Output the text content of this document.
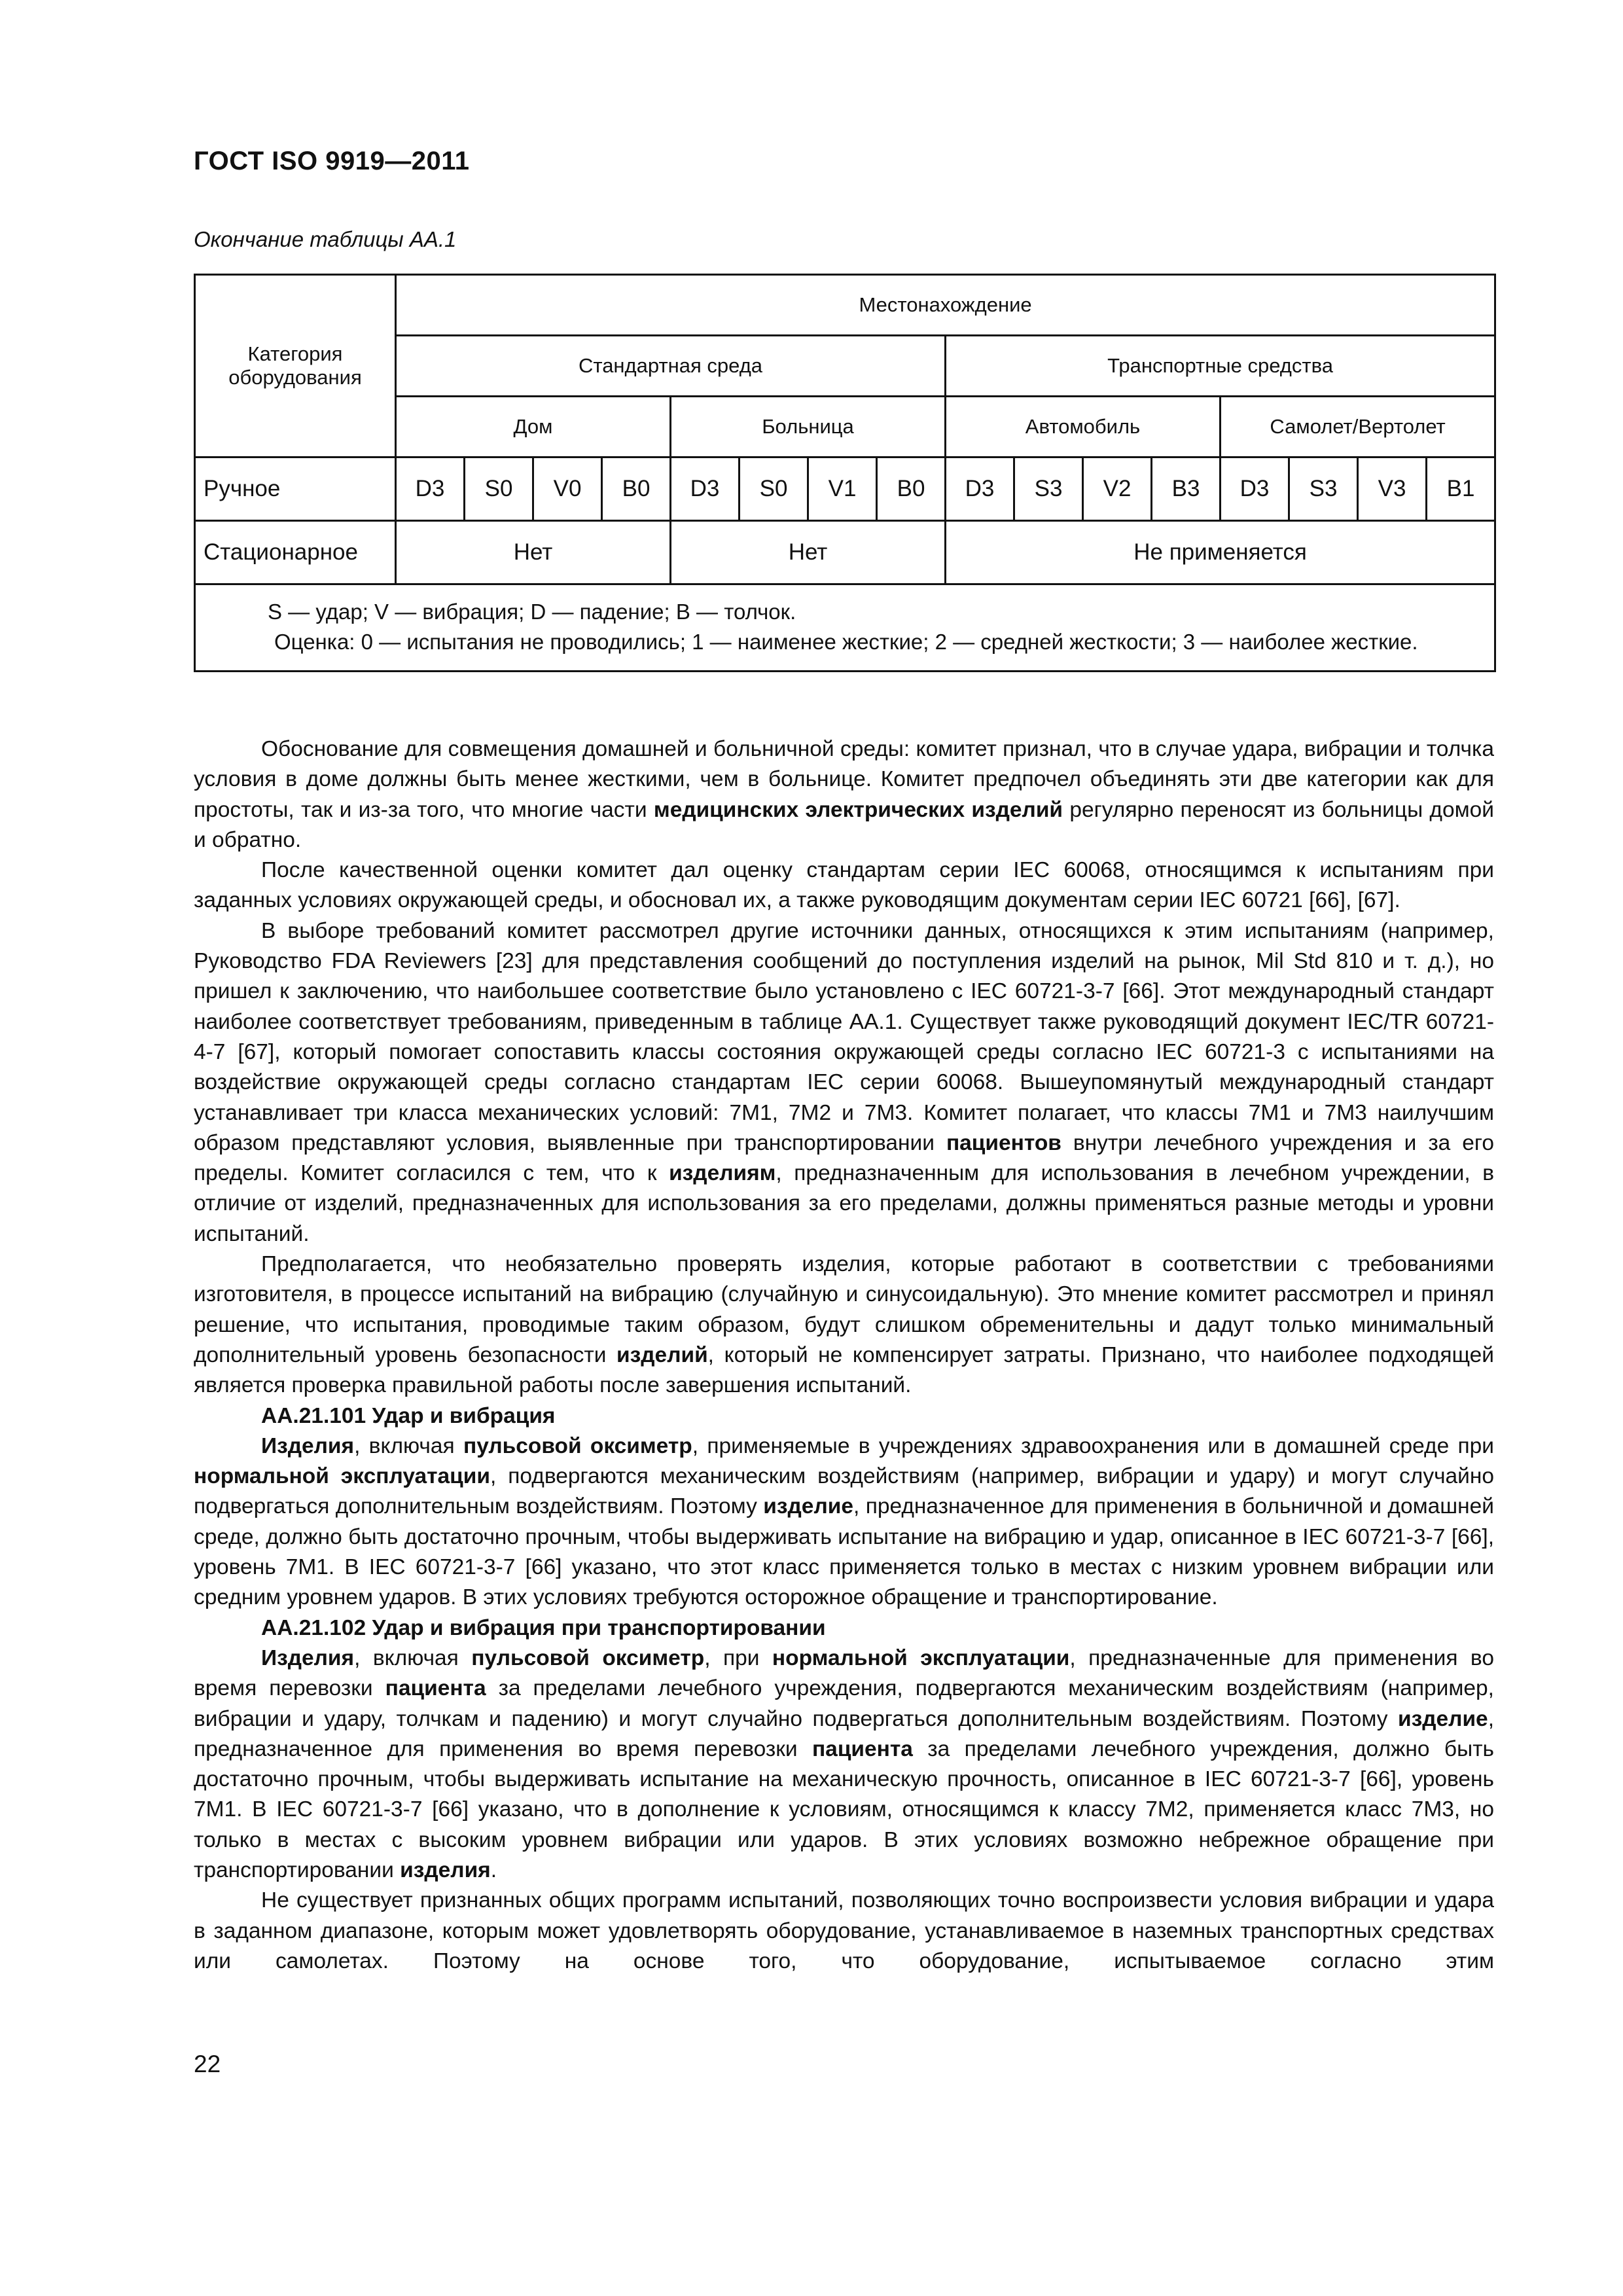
ГОСТ ISO 9919—2011
Окончание таблицы АА.1
Категория оборудования	Местонахождение															
	Стандартная среда								Транспортные средства							
	Дом				Больница				Автомобиль				Самолет/Вертолет			
Ручное	D3	S0	V0	B0	D3	S0	V1	B0	D3	S3	V2	B3	D3	S3	V3	B1
Стационарное	Нет				Нет				Не применяется							

S — удар; V — вибрация; D — падение; B — толчок.
Оценка: 0 — испытания не проводились; 1 — наименее жесткие; 2 — средней жесткости; 3 — наиболее жесткие.																

Обоснование для совмещения домашней и больничной среды: комитет признал, что в случае удара, вибрации и толчка условия в доме должны быть менее жесткими, чем в больнице. Комитет предпочел объединять эти две категории как для простоты, так и из-за того, что многие части медицинских электрических изделий регулярно переносят из больницы домой и обратно.

После качественной оценки комитет дал оценку стандартам серии IEC 60068, относящимся к испытаниям при заданных условиях окружающей среды, и обосновал их, а также руководящим документам серии IEC 60721 [66], [67].

В выборе требований комитет рассмотрел другие источники данных, относящихся к этим испытаниям (например, Руководство FDA Reviewers [23] для представления сообщений до поступления изделий на рынок, Mil Std 810 и т. д.), но пришел к заключению, что наибольшее соответствие было установлено с IEC 60721-3-7 [66]. Этот международный стандарт наиболее соответствует требованиям, приведенным в таблице АА.1. Существует также руководящий документ IEC/TR 60721-4-7 [67], который помогает сопоставить классы состояния окружающей среды согласно IEC 60721-3 с испытаниями на воздействие окружающей среды согласно стандартам IEC серии 60068. Вышеупомянутый международный стандарт устанавливает три класса механических условий: 7M1, 7M2 и 7M3. Комитет полагает, что классы 7M1 и 7M3 наилучшим образом представляют условия, выявленные при транспортировании пациентов внутри лечебного учреждения и за его пределы. Комитет согласился с тем, что к изделиям, предназначенным для использования в лечебном учреждении, в отличие от изделий, предназначенных для использования за его пределами, должны применяться разные методы и уровни испытаний.

Предполагается, что необязательно проверять изделия, которые работают в соответствии с требованиями изготовителя, в процессе испытаний на вибрацию (случайную и синусоидальную). Это мнение комитет рассмотрел и принял решение, что испытания, проводимые таким образом, будут слишком обременительны и дадут только минимальный дополнительный уровень безопасности изделий, который не компенсирует затраты. Признано, что наиболее подходящей является проверка правильной работы после завершения испытаний.

АА.21.101 Удар и вибрация

Изделия, включая пульсовой оксиметр, применяемые в учреждениях здравоохранения или в домашней среде при нормальной эксплуатации, подвергаются механическим воздействиям (например, вибрации и удару) и могут случайно подвергаться дополнительным воздействиям. Поэтому изделие, предназначенное для применения в больничной и домашней среде, должно быть достаточно прочным, чтобы выдерживать испытание на вибрацию и удар, описанное в IEC 60721-3-7 [66], уровень 7M1. В IEC 60721-3-7 [66] указано, что этот класс применяется только в местах с низким уровнем вибрации или средним уровнем ударов. В этих условиях требуются осторожное обращение и транспортирование.

АА.21.102 Удар и вибрация при транспортировании

Изделия, включая пульсовой оксиметр, при нормальной эксплуатации, предназначенные для применения во время перевозки пациента за пределами лечебного учреждения, подвергаются механическим воздействиям (например, вибрации и удару, толчкам и падению) и могут случайно подвергаться дополнительным воздействиям. Поэтому изделие, предназначенное для применения во время перевозки пациента за пределами лечебного учреждения, должно быть достаточно прочным, чтобы выдерживать испытание на механическую прочность, описанное в IEC 60721-3-7 [66], уровень 7M1. В IEC 60721-3-7 [66] указано, что в дополнение к условиям, относящимся к классу 7M2, применяется класс 7M3, но только в местах с высоким уровнем вибрации или ударов. В этих условиях возможно небрежное обращение при транспортировании изделия.

Не существует признанных общих программ испытаний, позволяющих точно воспроизвести условия вибрации и удара в заданном диапазоне, которым может удовлетворять оборудование, устанавливаемое в наземных транспортных средствах или самолетах. Поэтому на основе того, что оборудование, испытываемое согласно этим

22
